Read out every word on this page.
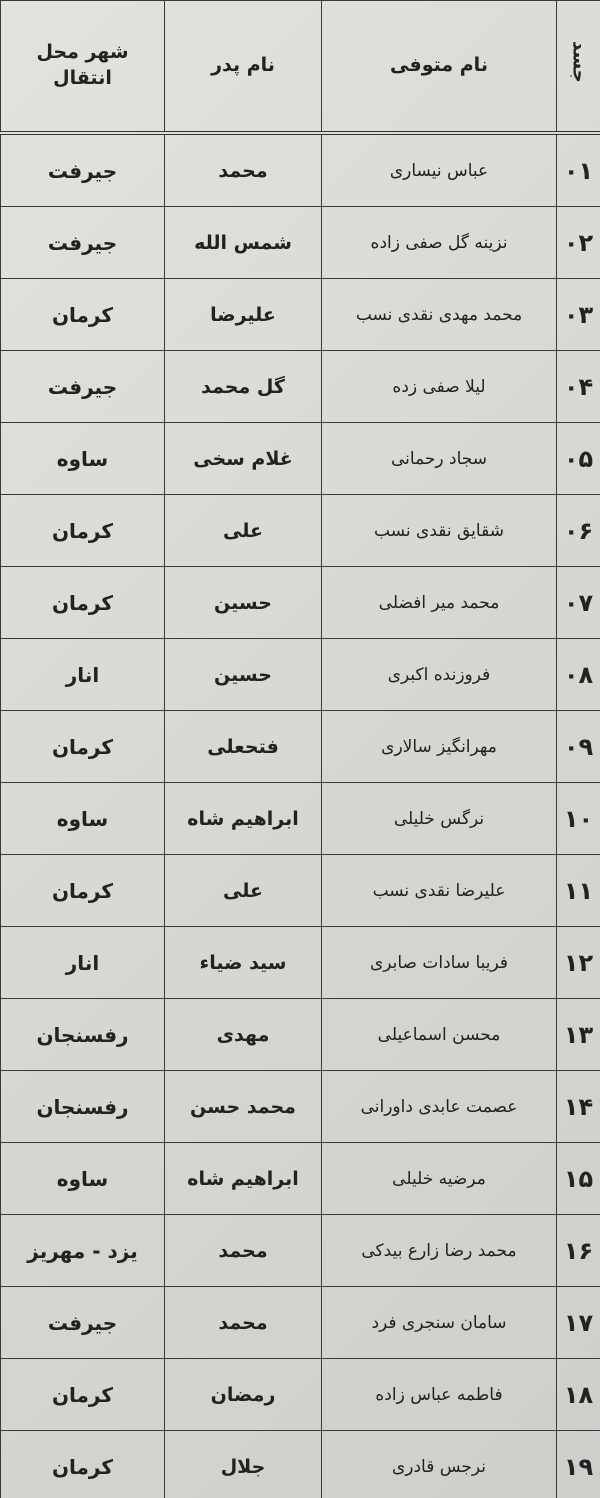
جسد	نام متوفی	نام پدر	شهر محل
انتقال

۰۱	عباس نیساری	محمد	جیرفت
۰۲	نزینه گل صفی زاده	شمس الله	جیرفت
۰۳	محمد مهدی نقدی نسب	علیرضا	کرمان
۰۴	لیلا صفی زده	گل محمد	جیرفت
۰۵	سجاد رحمانی	غلام سخی	ساوه
۰۶	شقایق نقدی نسب	علی	کرمان
۰۷	محمد میر افضلی	حسین	کرمان
۰۸	فروزنده اکبری	حسین	انار
۰۹	مهرانگیز سالاری	فتحعلی	کرمان
۱۰	نرگس خلیلی	ابراهیم شاه	ساوه
۱۱	علیرضا نقدی نسب	علی	کرمان
۱۲	فریبا سادات صابری	سید ضیاء	انار
۱۳	محسن اسماعیلی	مهدی	رفسنجان
۱۴	عصمت عابدی داورانی	محمد حسن	رفسنجان
۱۵	مرضیه خلیلی	ابراهیم شاه	ساوه
۱۶	محمد رضا زارع بیدکی	محمد	یزد - مهریز
۱۷	سامان سنجری فرد	محمد	جیرفت
۱۸	فاطمه عباس زاده	رمضان	کرمان
۱۹	نرجس قادری	جلال	کرمان
